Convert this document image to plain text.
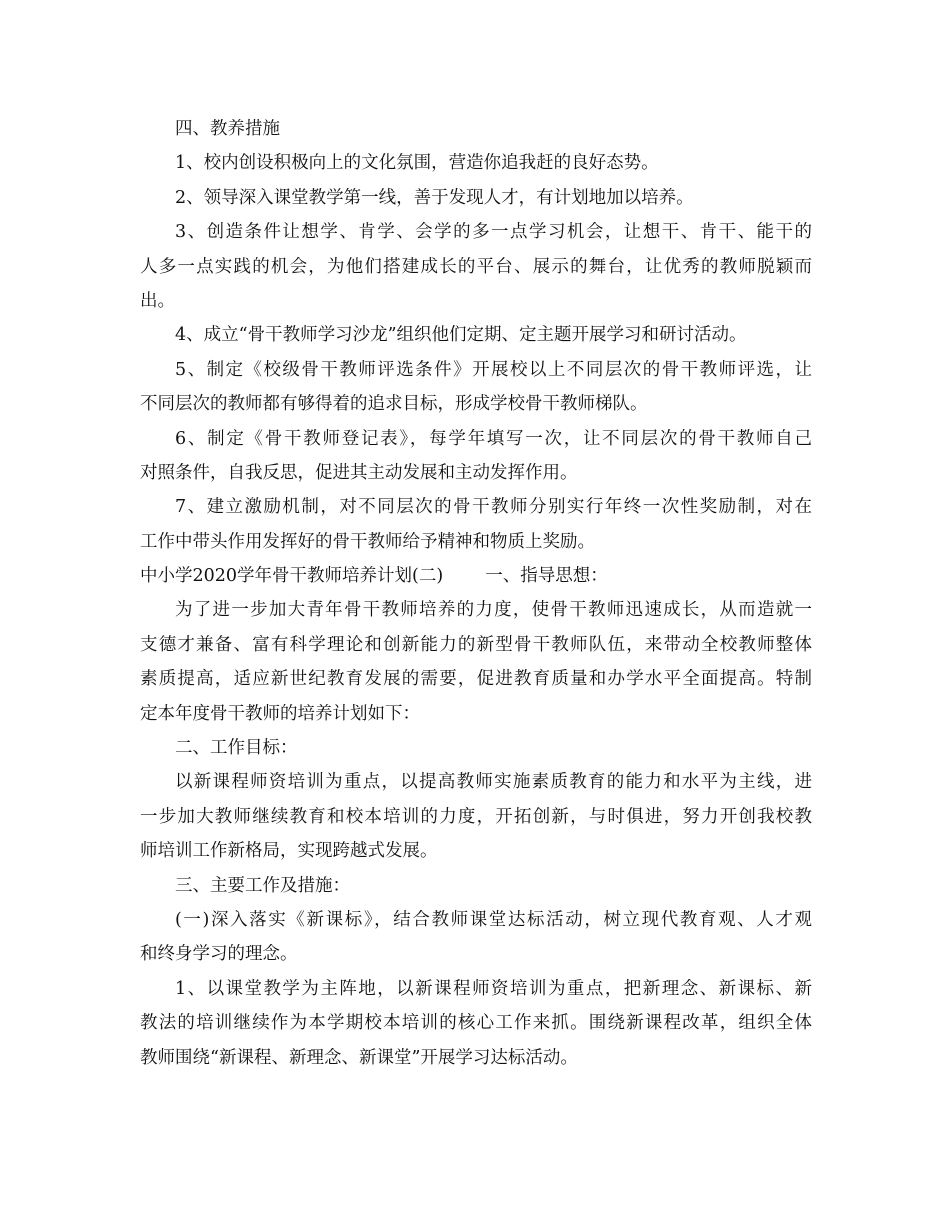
四、教养措施
1、校内创设积极向上的文化氛围，营造你追我赶的良好态势。
2、领导深入课堂教学第一线，善于发现人才，有计划地加以培养。
3、创造条件让想学、肯学、会学的多一点学习机会，让想干、肯干、能干的
人多一点实践的机会，为他们搭建成长的平台、展示的舞台，让优秀的教师脱颖而
出。
4、成立“骨干教师学习沙龙”组织他们定期、定主题开展学习和研讨活动。
5、制定《校级骨干教师评选条件》开展校以上不同层次的骨干教师评选，让
不同层次的教师都有够得着的追求目标，形成学校骨干教师梯队。
6、制定《骨干教师登记表》，每学年填写一次，让不同层次的骨干教师自己
对照条件，自我反思，促进其主动发展和主动发挥作用。
7、建立激励机制，对不同层次的骨干教师分别实行年终一次性奖励制，对在
工作中带头作用发挥好的骨干教师给予精神和物质上奖励。
中小学2020学年骨干教师培养计划(二) 一、指导思想：
为了进一步加大青年骨干教师培养的力度，使骨干教师迅速成长，从而造就一
支德才兼备、富有科学理论和创新能力的新型骨干教师队伍，来带动全校教师整体
素质提高，适应新世纪教育发展的需要，促进教育质量和办学水平全面提高。特制
定本年度骨干教师的培养计划如下：
二、工作目标：
以新课程师资培训为重点，以提高教师实施素质教育的能力和水平为主线，进
一步加大教师继续教育和校本培训的力度，开拓创新，与时俱进，努力开创我校教
师培训工作新格局，实现跨越式发展。
三、主要工作及措施：
(一)深入落实《新课标》，结合教师课堂达标活动，树立现代教育观、人才观
和终身学习的理念。
1、以课堂教学为主阵地，以新课程师资培训为重点，把新理念、新课标、新
教法的培训继续作为本学期校本培训的核心工作来抓。围绕新课程改革，组织全体
教师围绕“新课程、新理念、新课堂”开展学习达标活动。
